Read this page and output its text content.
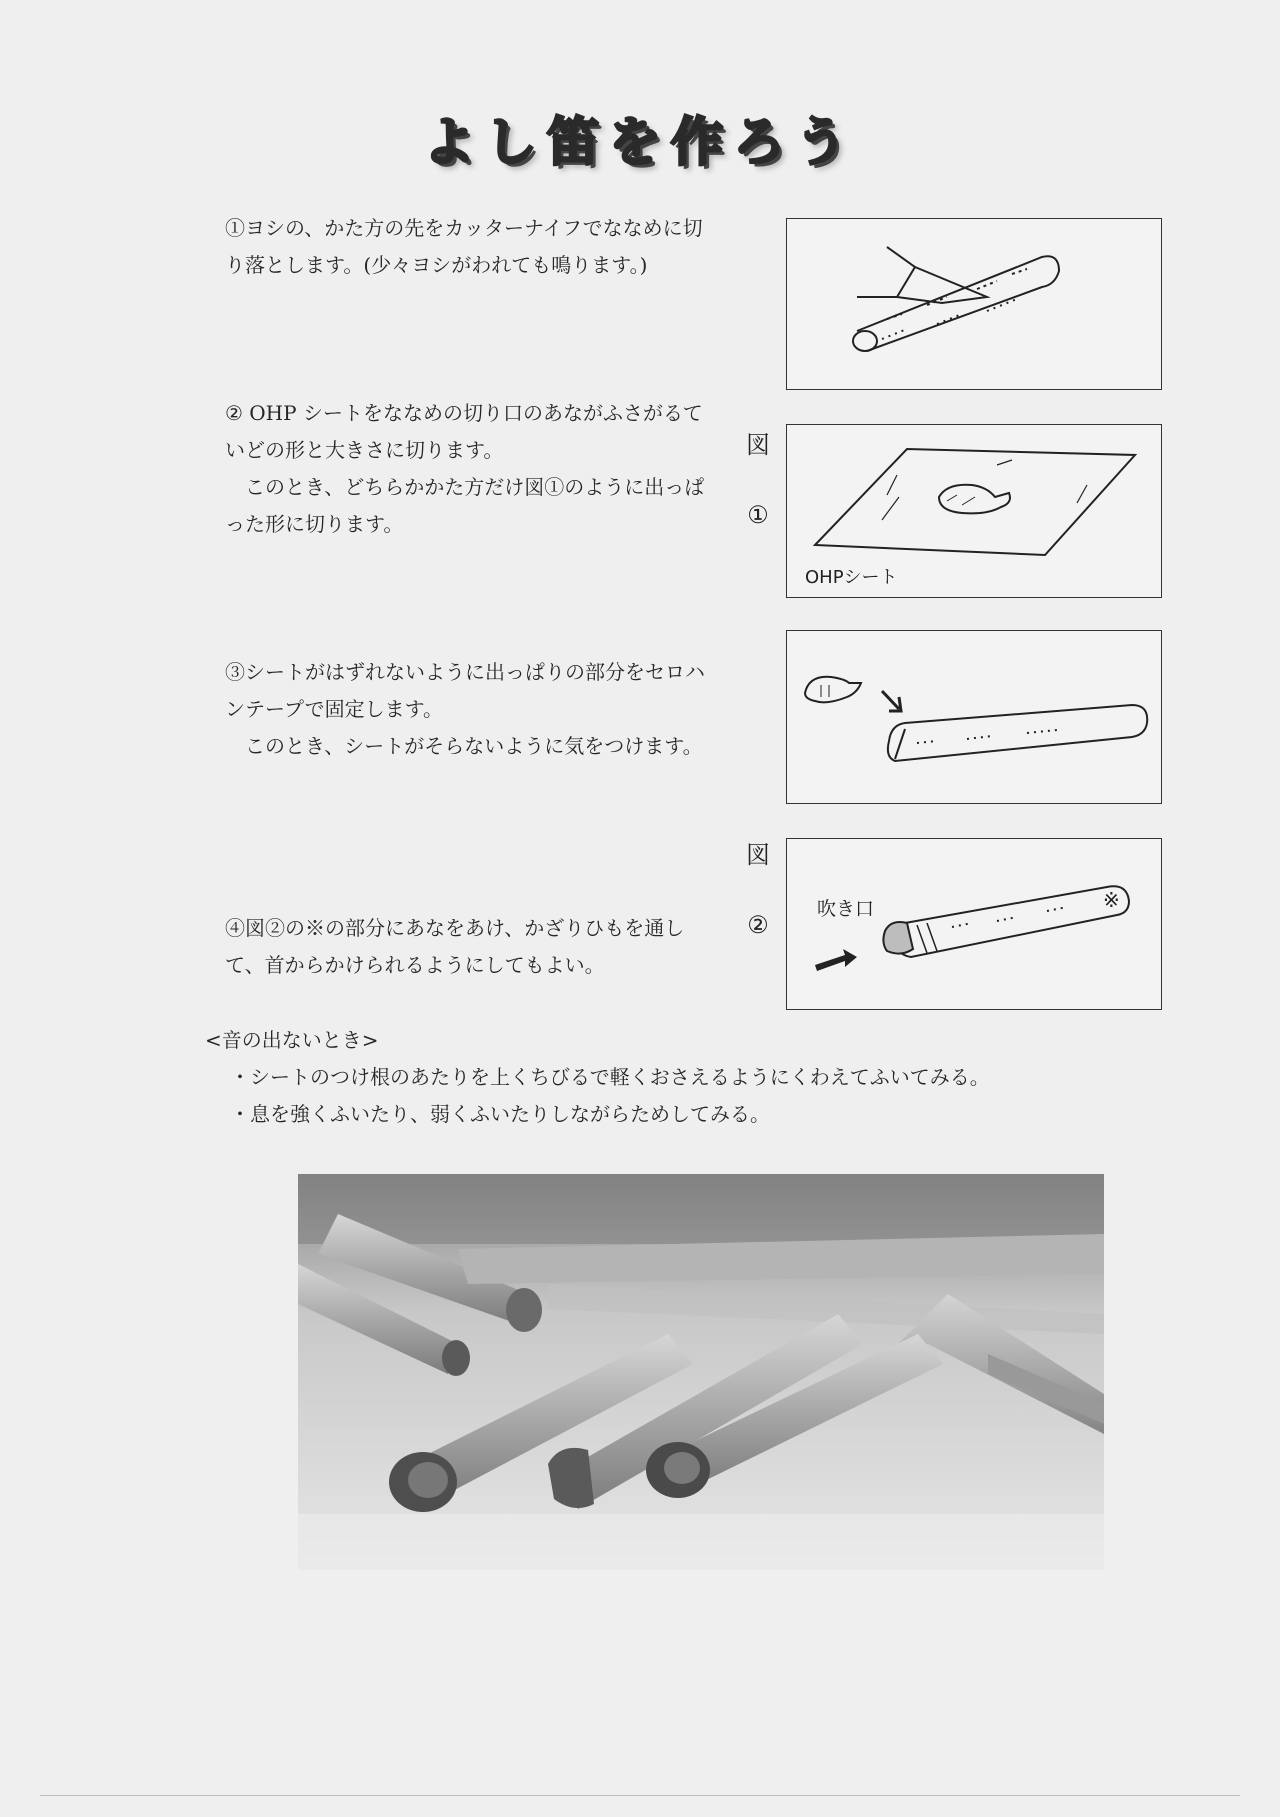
よし笛を作ろう

①ヨシの、かた方の先をカッターナイフでななめに切り落とします。(少々ヨシがわれても鳴ります。)

② OHP シートをななめの切り口のあながふさがるていどの形と大きさに切ります。

このとき、どちらかかた方だけ図①のように出っぱった形に切ります。

③シートがはずれないように出っぱりの部分をセロハンテープで固定します。

このとき、シートがそらないように気をつけます。

④図②の※の部分にあなをあけ、かざりひもを通して、首からかけられるようにしてもよい。

図
①
図
②
OHPシート
吹き口	※

<音の出ないとき>

・シートのつけ根のあたりを上くちびるで軽くおさえるようにくわえてふいてみる。

・息を強くふいたり、弱くふいたりしながらためしてみる。
